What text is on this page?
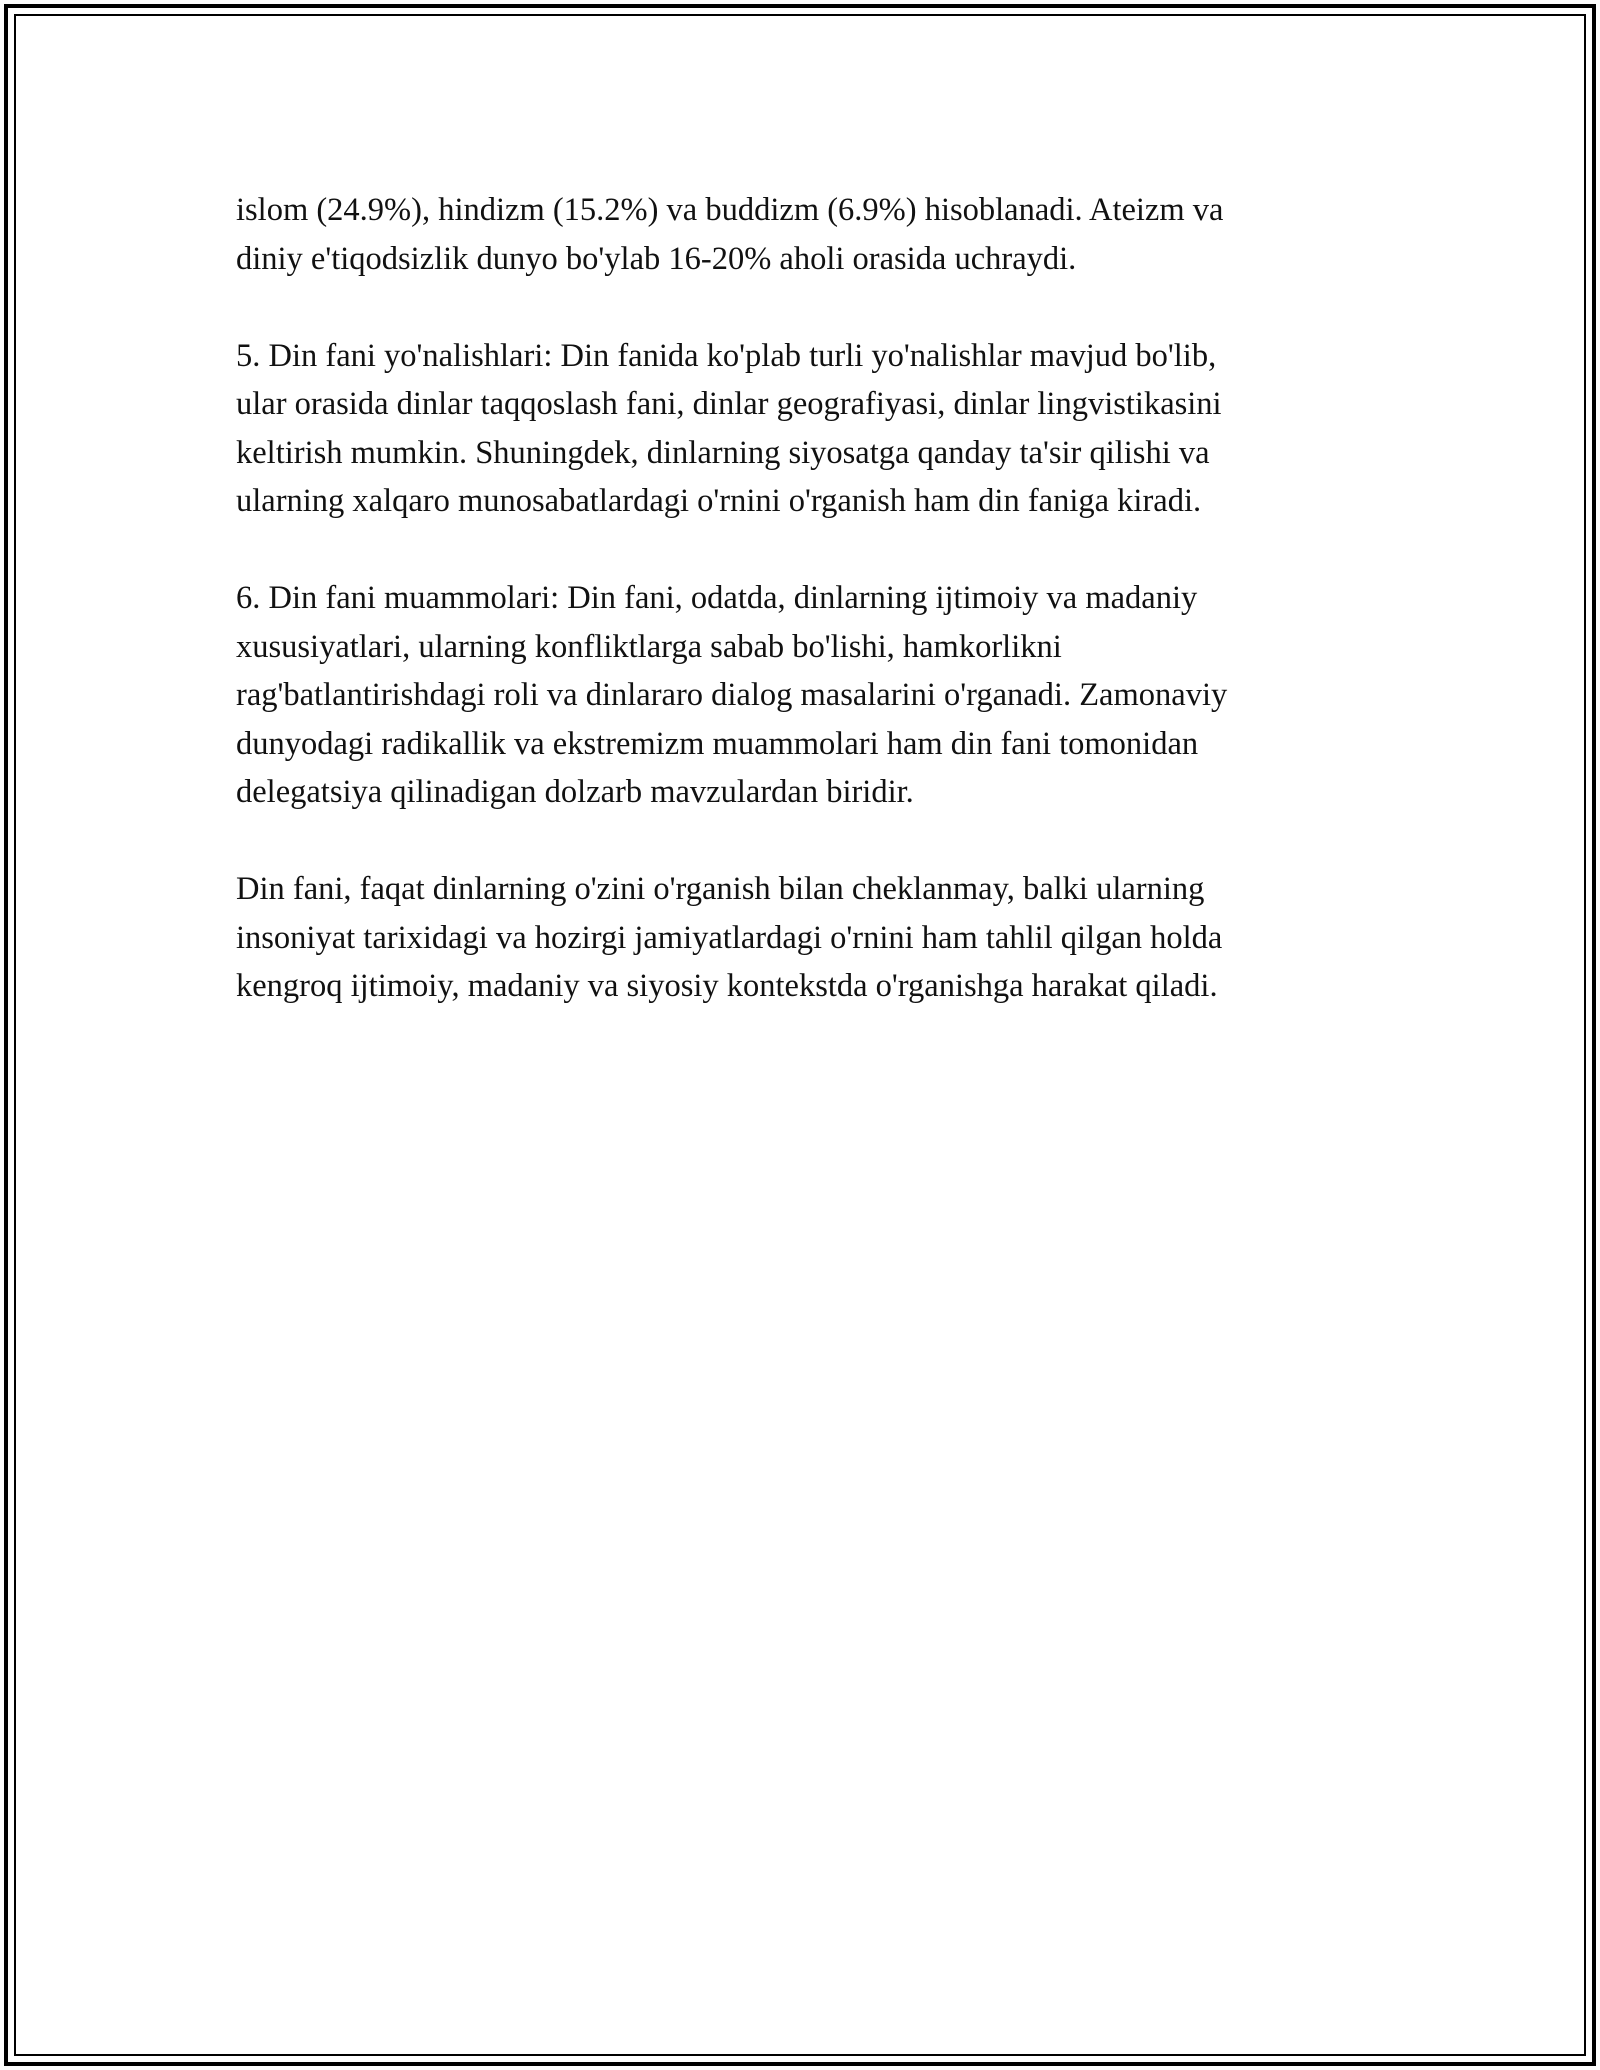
islom (24.9%), hindizm (15.2%) va buddizm (6.9%) hisoblanadi. Ateizm va
diniy e'tiqodsizlik dunyo bo'ylab 16-20% aholi orasida uchraydi.

5. Din fani yo'nalishlari: Din fanida ko'plab turli yo'nalishlar mavjud bo'lib,
ular orasida dinlar taqqoslash fani, dinlar geografiyasi, dinlar lingvistikasini
keltirish mumkin. Shuningdek, dinlarning siyosatga qanday ta'sir qilishi va
ularning xalqaro munosabatlardagi o'rnini o'rganish ham din faniga kiradi.

6. Din fani muammolari: Din fani, odatda, dinlarning ijtimoiy va madaniy
xususiyatlari, ularning konfliktlarga sabab bo'lishi, hamkorlikni
rag'batlantirishdagi roli va dinlararo dialog masalarini o'rganadi. Zamonaviy
dunyodagi radikallik va ekstremizm muammolari ham din fani tomonidan
delegatsiya qilinadigan dolzarb mavzulardan biridir.

Din fani, faqat dinlarning o'zini o'rganish bilan cheklanmay, balki ularning
insoniyat tarixidagi va hozirgi jamiyatlardagi o'rnini ham tahlil qilgan holda
kengroq ijtimoiy, madaniy va siyosiy kontekstda o'rganishga harakat qiladi.
